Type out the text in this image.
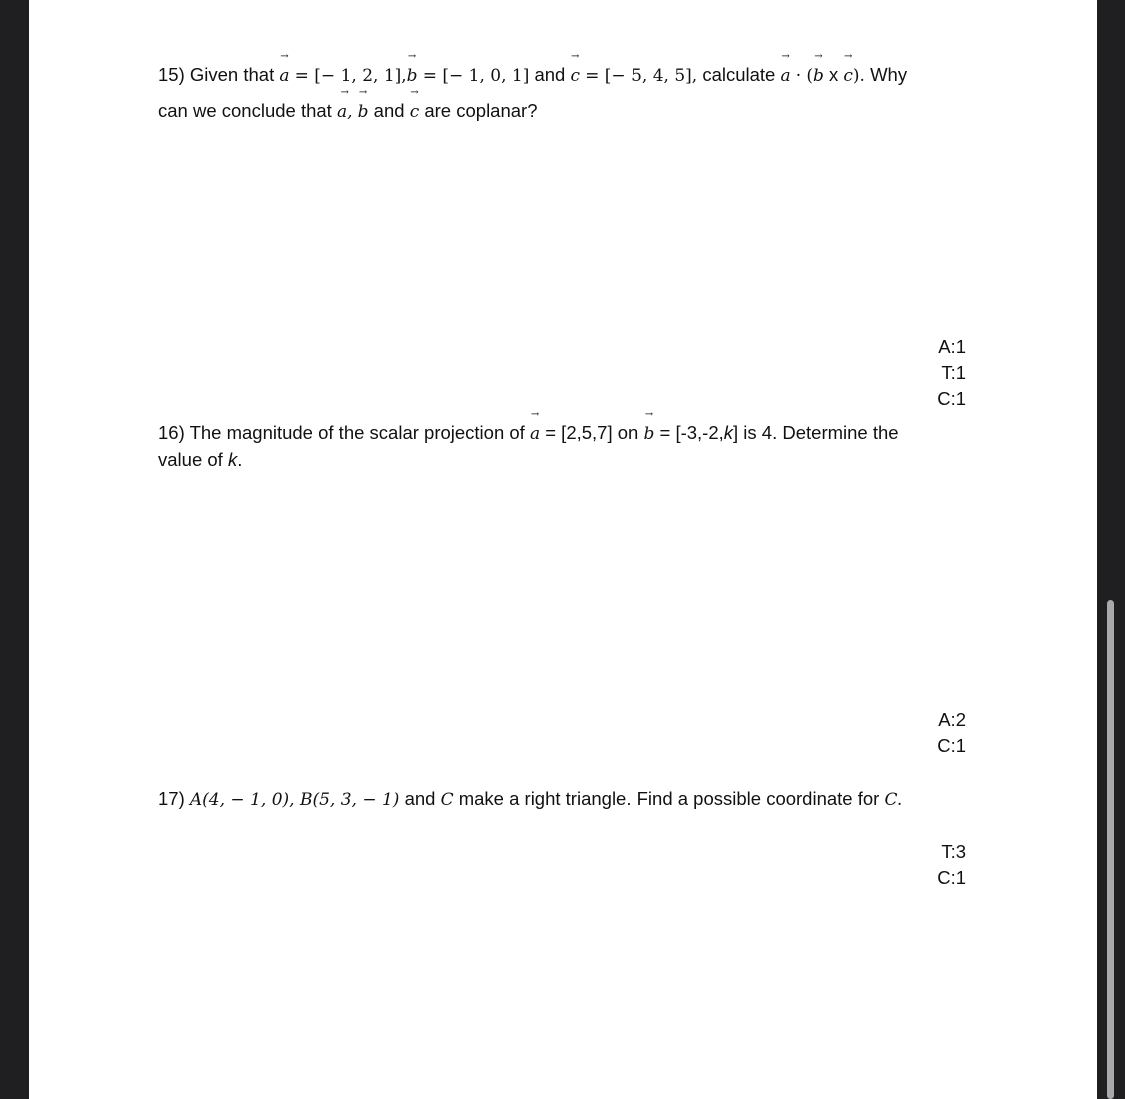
15) Given that → a = [− 1, 2, 1],→ b = [− 1, 0, 1] and → c = [− 5, 4, 5], calculate → a · (→ b x → c). Why
can we conclude that → a, → b and → c are coplanar?
A:1
T:1
C:1
16) The magnitude of the scalar projection of → a = [2,5,7] on → b = [-3,-2,k] is 4. Determine the
value of k.
A:2
C:1
17) A(4, − 1, 0), B(5, 3, − 1) and C make a right triangle. Find a possible coordinate for C.
T:3
C:1
